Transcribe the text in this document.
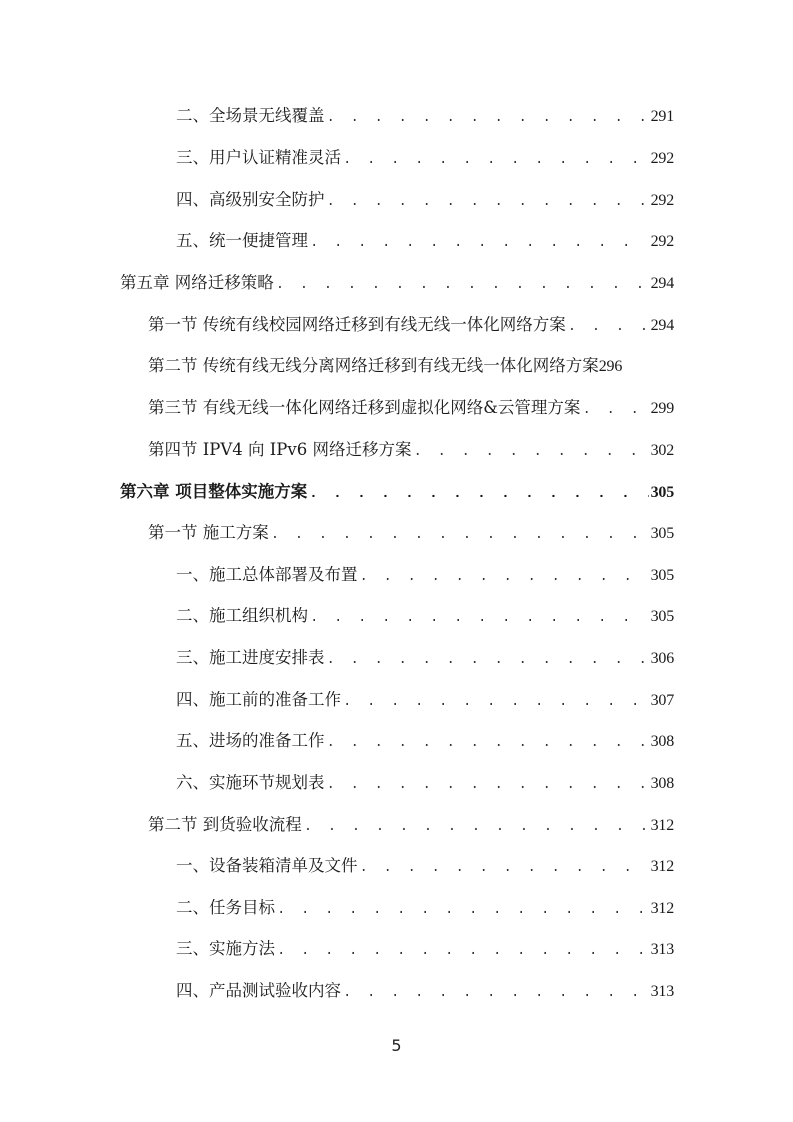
二、全场景无线覆盖 . . .	291
三、用户认证精准灵活 . . .	292
四、高级别安全防护 . . .	292
五、统一便捷管理 . . .	292
第五章 网络迁移策略 . . .	294
第一节 传统有线校园网络迁移到有线无线一体化网络方案 . . .	294
第二节 传统有线无线分离网络迁移到有线无线一体化网络方案 296
第三节 有线无线一体化网络迁移到虚拟化网络&云管理方案 . . .	299
第四节 IPV4 向 IPv6 网络迁移方案 . . .	302
第六章 项目整体实施方案 . . .	305
第一节 施工方案 . . .	305
一、施工总体部署及布置 . . .	305
二、施工组织机构 . . .	305
三、施工进度安排表 . . .	306
四、施工前的准备工作 . . .	307
五、进场的准备工作 . . .	308
六、实施环节规划表 . . .	308
第二节 到货验收流程 . . .	312
一、设备装箱清单及文件 . . .	312
二、任务目标 . . .	312
三、实施方法 . . .	313
四、产品测试验收内容 . . .	313
5
